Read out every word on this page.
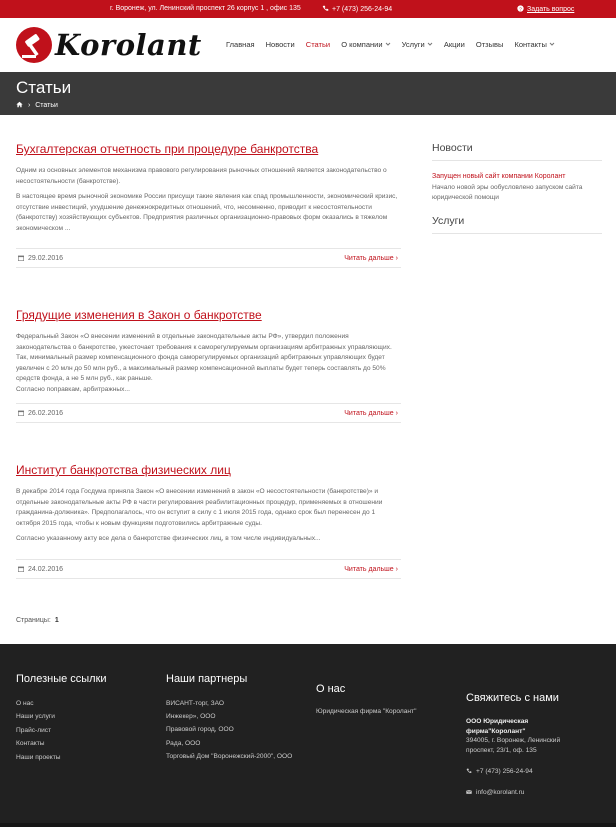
г. Воронеж, ул. Ленинский проспект 26 корпус 1 , офис 135	+7 (473) 256-24-94	? Задать вопрос
Korolant	Главная Новости Статьи О компании	Услуги	Акции Отзывы Контакты
Статьи
› Статьи
Бухгалтерская отчетность при процедуре банкротства
Одним из основных элементов механизма правового регулирования рыночных отношений является законодательство о несостоятельности (банкротстве).
В настоящее время рыночной экономике России присущи такие явления как спад промышленности, экономический кризис, отсутствие инвестиций, ухудшение денежнокредитных отношений, что, несомненно, приводит к несостоятельности (банкротству) хозяйствующих субъектов. Предприятия различных организационно-правовых форм оказались в тяжелом экономическом ...
29.02.2016	Читать дальше ›
Грядущие изменения в Закон о банкротстве
Федеральный Закон «О внесении изменений в отдельные законодательные акты РФ», утвердил положения законодательства о банкротстве, ужесточает требования к саморегулируемым организациям арбитражных управляющих. Так, минимальный размер компенсационного фонда саморегулируемых организаций арбитражных управляющих будет увеличен с 20 млн до 50 млн руб., а максимальный размер компенсационной выплаты будет теперь составлять до 50% средств фонда, а не 5 млн руб., как раньше.
Согласно поправкам, арбитражных...
26.02.2016	Читать дальше ›
Институт банкротства физических лиц
В декабре 2014 года Госдума приняла Закон «О внесении изменений в закон «О несостоятельности (банкротстве)» и отдельные законодательные акты РФ в части регулирования реабилитационных процедур, применяемых в отношении гражданина-должника». Предполагалось, что он вступит в силу с 1 июля 2015 года, однако срок был перенесен до 1 октября 2015 года, чтобы к новым функциям подготовились арбитражные суды.
Согласно указанному акту все дела о банкротстве физических лиц, в том числе индивидуальных...
24.02.2016	Читать дальше ›
Страницы: 1
Новости
Запущен новый сайт компании Королант
Начало новой эры ообусловлено запуском сайта юридической помощи
Услуги
Полезные ссылки
О нас
Наши услуги
Прайс-лист
Контакты
Наши проекты
Наши партнеры
ВИСАНТ-торг, ЗАО
Инжекер», ООО
Правовой город, ООО
Рада, ООО
Торговый Дом "Воронежский-2000", ООО
О нас
Юридическая фирма "Королант"
Свяжитесь с нами
ООО Юридическая фирма"Королант"
394005, г. Воронеж, Ленинский проспект, 23/1, оф. 135
+7 (473) 256-24-94
info@korolant.ru
